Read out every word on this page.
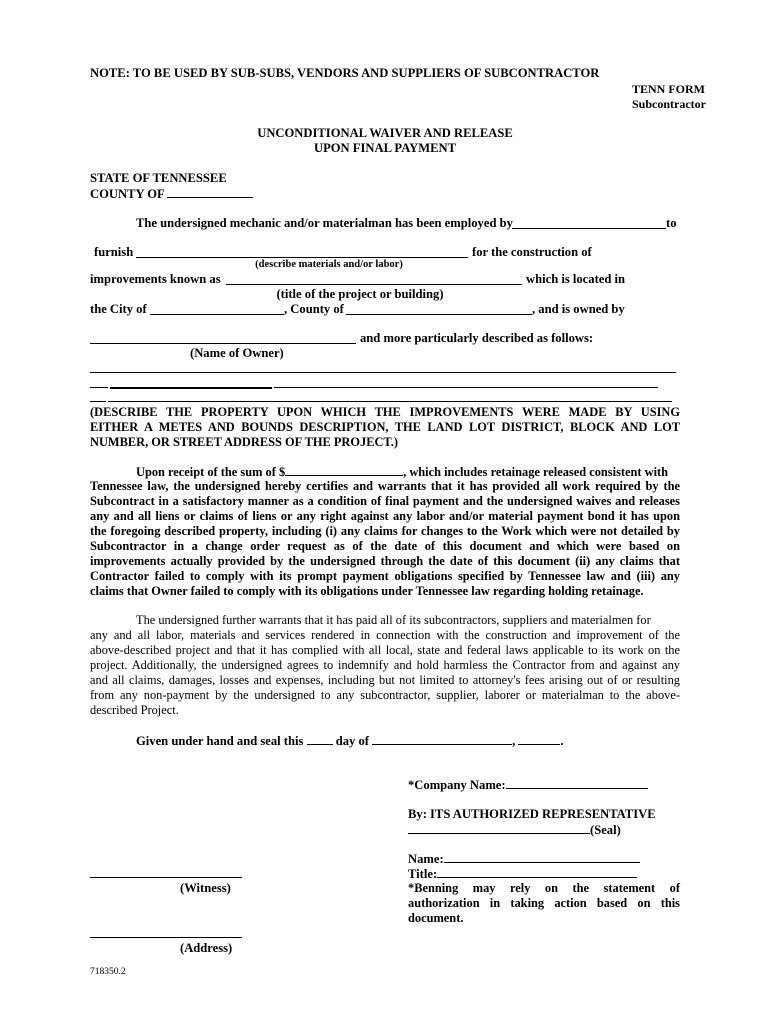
NOTE: TO BE USED BY SUB-SUBS, VENDORS AND SUPPLIERS OF SUBCONTRACTOR
TENN FORM
Subcontractor
UNCONDITIONAL WAIVER AND RELEASE
UPON FINAL PAYMENT
STATE OF TENNESSEE
COUNTY OF
The undersigned mechanic and/or materialman has been employed by	to
furnish	for the construction of
(describe materials and/or labor)
improvements known as	which is located in
(title of the project or building)
the City of	, County of	, and is owned by
and more particularly described as follows:
(Name of Owner)
(DESCRIBE THE PROPERTY UPON WHICH THE IMPROVEMENTS WERE MADE BY USING
EITHER A METES AND BOUNDS DESCRIPTION, THE LAND LOT DISTRICT, BLOCK AND LOT
NUMBER, OR STREET ADDRESS OF THE PROJECT.)
Upon receipt of the sum of $	, which includes retainage released consistent with
Tennessee law, the undersigned hereby certifies and warrants that it has provided all work required by the
Subcontract in a satisfactory manner as a condition of final payment and the undersigned waives and releases
any and all liens or claims of liens or any right against any labor and/or material payment bond it has upon
the foregoing described property, including (i) any claims for changes to the Work which were not detailed by
Subcontractor in a change order request as of the date of this document and which were based on
improvements actually provided by the undersigned through the date of this document (ii) any claims that
Contractor failed to comply with its prompt payment obligations specified by Tennessee law and (iii) any
claims that Owner failed to comply with its obligations under Tennessee law regarding holding retainage.
The undersigned further warrants that it has paid all of its subcontractors, suppliers and materialmen for
any and all labor, materials and services rendered in connection with the construction and improvement of the
above-described project and that it has complied with all local, state and federal laws applicable to its work on the
project. Additionally, the undersigned agrees to indemnify and hold harmless the Contractor from and against any
and all claims, damages, losses and expenses, including but not limited to attorney's fees arising out of or resulting
from any non-payment by the undersigned to any subcontractor, supplier, laborer or materialman to the above-
described Project.
Given under hand and seal this	day of	,	.
*Company Name:
By: ITS AUTHORIZED REPRESENTATIVE
(Seal)
Name:
Title:
*Benning may rely on the statement of
authorization in taking action based on this
document.
(Witness)
(Address)
718350.2
